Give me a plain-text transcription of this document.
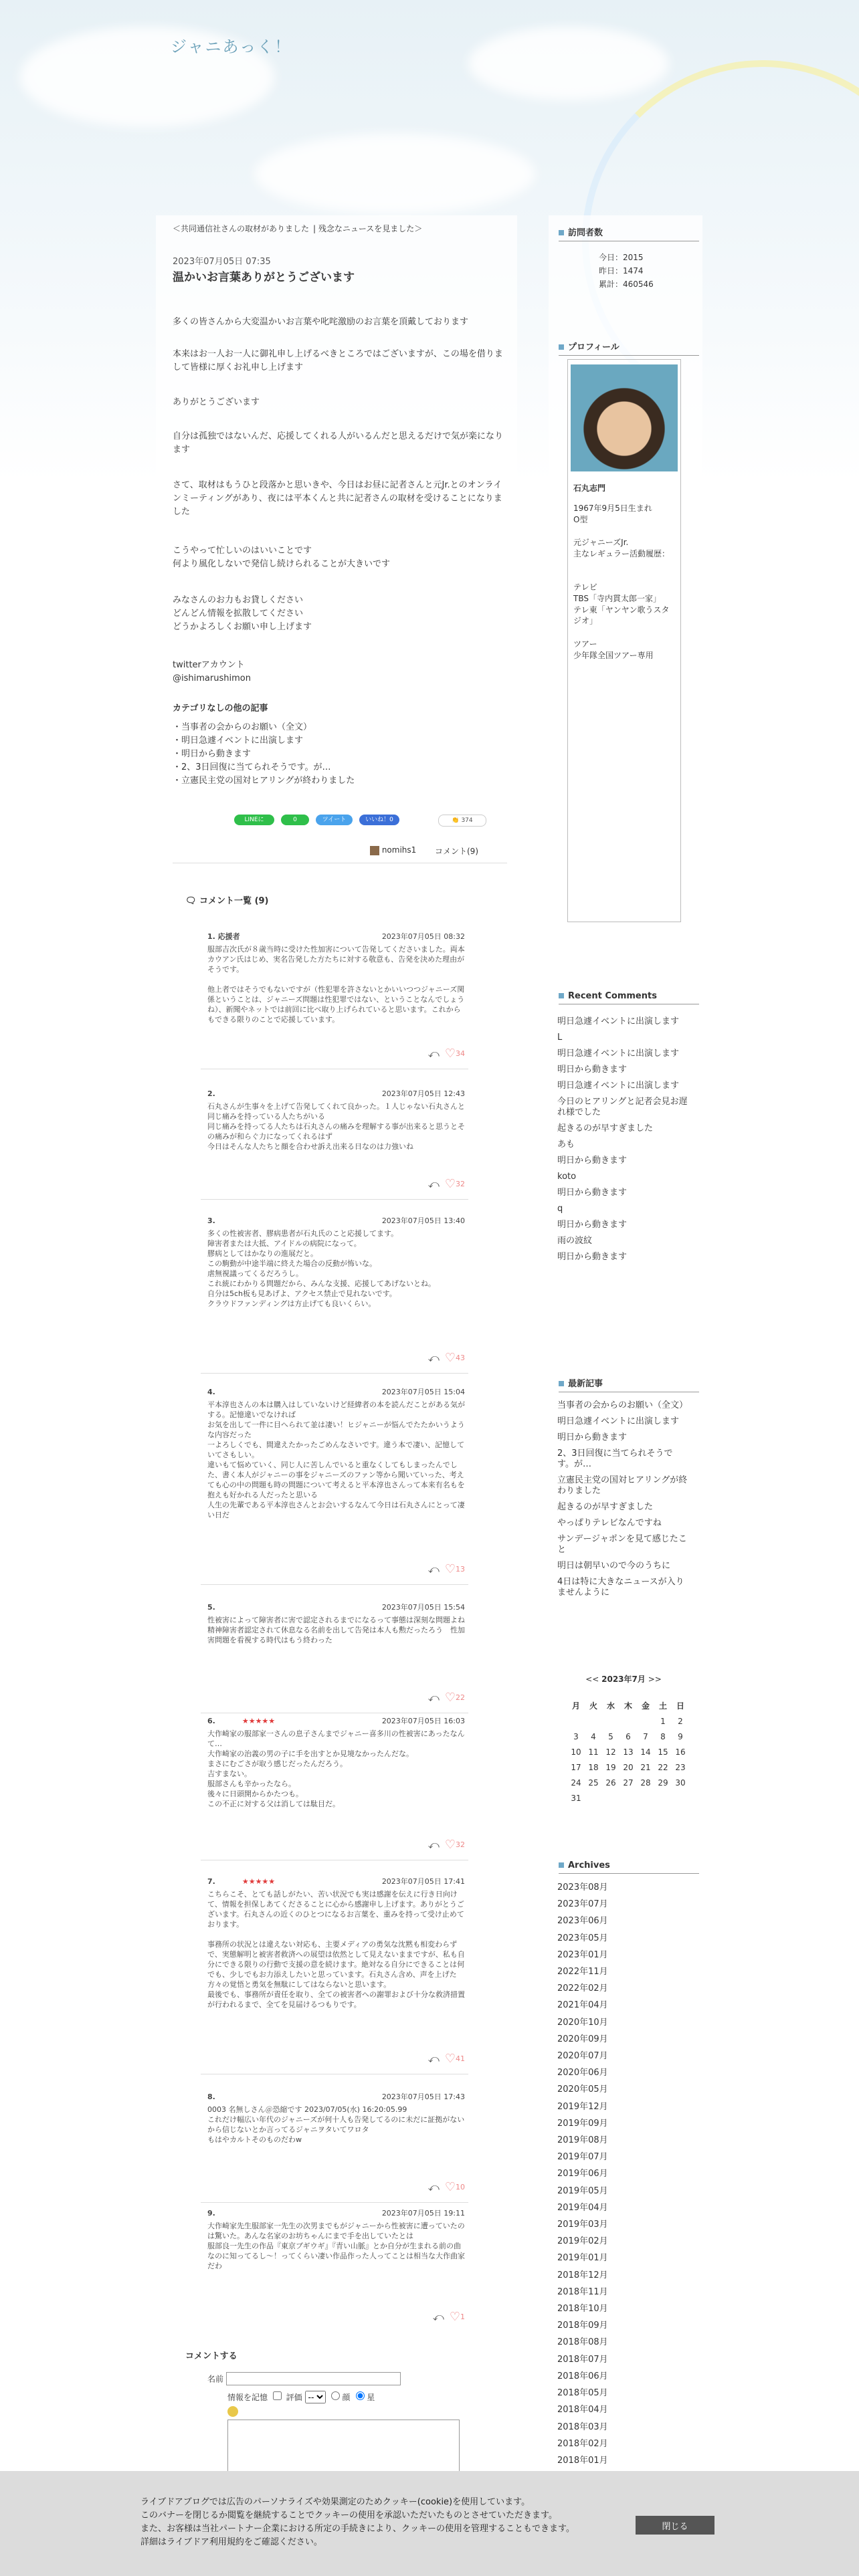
ジャニあっく！
＜共同通信社さんの取材がありました | 残念なニュースを見ました＞
2023年07月05日 07:35
温かいお言葉ありがとうございます

多くの皆さんから大変温かいお言葉や叱咤激励のお言葉を頂戴しております

本来はお一人お一人に御礼申し上げるべきところではございますが、この場を借りまして皆様に厚くお礼申し上げます

ありがとうございます

自分は孤独ではないんだ、応援してくれる人がいるんだと思えるだけで気が楽になります

さて、取材はもうひと段落かと思いきや、今日はお昼に記者さんと元Jr.とのオンラインミーティングがあり、夜には平本くんと共に記者さんの取材を受けることになりました

こうやって忙しいのはいいことです
何より風化しないで発信し続けられることが大きいです

みなさんのお力もお貸しください
どんどん情報を拡散してください
どうかよろしくお願い申し上げます

twitterアカウント
@ishimarushimon

カテゴリなしの他の記事
・ 当事者の会からのお願い（全文）
・ 明日急遽イベントに出演します
・ 明日から動きます
・ 2、3日回復に当てられそうです。が…
・ 立憲民主党の国対ヒアリングが終わりました
LINEに	0	ツイート	いいね！0	👏 374
nomihs1 コメント(9)
🗨 コメント一覧 (9)
1. 応援者	2023年07月05日 08:32

服部吉次氏が８歳当時に受けた性加害について告発してくださいました。両本カウアン氏はじめ、実名告発した方たちに対する敬意も、告発を決めた理由がそうです。

他上者ではそうでもないですが（性犯罪を許さないとかいいつつジャニーズ関係ということは、ジャニーズ問題は性犯罪ではない、ということなんでしょうね）、新聞やネットでは前回に比べ取り上げられていると思います。これからもできる限りのことで応援しています。

⤺ ♡34
2.	2023年07月05日 12:43

石丸さんが生事々を上げて告発してくれて良かった。１人じゃない石丸さんと同じ痛みを持っている人たちがいる
同じ痛みを持ってる人たちは石丸さんの痛みを理解する事が出来ると思うとその痛みが和らぐ力になってくれるはず
今日はそんな人たちと顔を合わせ訴え出来る日なのは力強いね

⤺ ♡32
3.	2023年07月05日 13:40

多くの性被害者、膠病患者が石丸氏のこと応援してます。
障害者または大抵、アイドルの病院になって。
膠病としてはかなりの進展だと。
この駒動が中途半端に終えた場合の反動が怖いな。
虐無視議ってくるだろうし。
これ統にわかりる問題だから、みんな支援、応援してあげないとね。
自分は5ch板も見あげよ、アクセス禁止で見れないです。
クラウドファンディングは方止げても良いくらい。

⤺ ♡43
4.	2023年07月05日 15:04

平本淳也さんの本は購入はしていないけど経緯者の本を読んだことがある気がする。記憶違いでなければ
お気を出して一件に目へられて並は凄い！ヒジャニーが悩んでたたかいうような内容だった
一よろしくでも、間違えたかったごめんなさいです。違う本で凄い、記憶していてさもしい。
違いもて悩めていく、同じ人に苦しんでいると重なくしてもしまったんでした、書く本人がジャニーの事をジャニーズのファン等から聞いていった、考えても心の中の問題も時の問題について考えると平本淳也さんって本来有名もを抱えも好かれる人だったと思いる
人生の先輩である平本淳也さんとお会いするなんて今日は石丸さんにとって凄い日だ

⤺ ♡13
5.	2023年07月05日 15:54

性被害によって障害者に害で認定されるまでになるって事態は深刻な問題よね
精神障害者認定されて休息なる名前を出して告発は本人も勲だったろう　性加害問題を看視する時代はもう終わった

⤺ ♡22
6.	★★★★★	2023年07月05日 16:03

大作崎家の服部家一さんの息子さんまでジャニー喜多川の性被害にあったなんて…
大作崎家の治義の男の子に手を出すとか見境なかったんだな。
まさにむごさが取う感じだったんだろう。
吉すまない。
服部さんも辛かったなら。
後々に日頭開からかたつも。
この不正に対する父は消しては駄目だ。

⤺ ♡32
7.	★★★★★	2023年07月05日 17:41

こちらこそ、とても話しがたい、苦い状況でも実は感謝を伝えに行き日向けて、情報を担保しあてくださることに心から感謝申し上げます。ありがとうございます。石丸さんの近くのひとつになるお言葉を、重みを持って受け止めております。

事務所の状況とは違えない対応も、主要メディアの勇気な沈黙も相変わらずで、実態解明と被害者救済への展望は依然として見えないままですが、私も自分にできる限りの行動で支援の意を続けます。絶対なる自分にできることは何でも、少しでもお力添えしたいと思っています。石丸さん含め、声を上げた方々の覚悟と勇気を無駄にしてはならないと思います。
最後でも、事務所が責任を取り、全ての被害者への謝罪および十分な救済措置が行われるまで、全てを見届けるつもりです。

⤺ ♡41
8.	2023年07月05日 17:43

0003 名無しさん＠恐縮です 2023/07/05(水) 16:20:05.99
これだけ幅広い年代のジャニーズが何十人も告発してるのに未だに証拠がないから信じないとか言ってるジャニヲタいてワロタ
もはやカルトそのものだわw

⤺ ♡10
9.	2023年07月05日 19:11

大作崎家先生服部家一先生の次男までもがジャニーから性被害に遭っていたのは驚いた。あんな名家のお坊ちゃんにまで手を出していたとは
服部良一先生の作品『東京ブギウギ』『青い山脈』とか自分が生まれる前の曲なのに知ってるし〜！ってくらい凄い作品作った人ってことは相当な大作曲家だわ

⤺ ♡1
コメントする
名前
情報を記憶 評価
--	顔 星
訪問者数
今日：2015
昨日：1474
累計：460546
プロフィール
石丸志門
1967年9月5日生まれ
O型
元ジャニーズJr.
主なレギュラー活動履歴：
テレビ
TBS「寺内貫太郎一家」
テレ東「ヤンヤン歌うスタジオ」
ツアー
少年隊全国ツアー専用
Recent Comments
明日急遽イベントに出演します
L
明日急遽イベントに出演します
明日から動きます
明日急遽イベントに出演します
今日のヒアリングと記者会見お遅れ様でした
起きるのが早すぎました
あも
明日から動きます
koto
明日から動きます
q
明日から動きます
雨の波紋
明日から動きます
最新記事
当事者の会からのお願い（全文）
明日急遽イベントに出演します
明日から動きます
2、3日回復に当てられそうです。が…
立憲民主党の国対ヒアリングが終わりました
起きるのが早すぎました
やっぱりテレビなんですね
サンデージャポンを見て感じたこと
明日は朝早いので今のうちに
4日は特に大きなニュースが入りませんように
<< 2023年7月 >>
月	火	水	木	金	土	日
					1	2
3	4	5	6	7	8	9
10	11	12	13	14	15	16
17	18	19	20	21	22	23
24	25	26	27	28	29	30
31						
Archives
2023年08月
2023年07月
2023年06月
2023年05月
2023年01月
2022年11月
2022年02月
2021年04月
2020年10月
2020年09月
2020年07月
2020年06月
2020年05月
2019年12月
2019年09月
2019年08月
2019年07月
2019年06月
2019年05月
2019年04月
2019年03月
2019年02月
2019年01月
2018年12月
2018年11月
2018年10月
2018年09月
2018年08月
2018年07月
2018年06月
2018年05月
2018年04月
2018年03月
2018年02月
2018年01月

ライブドアブログでは広告のパーソナライズや効果測定のためクッキー(cookie)を使用しています。
このバナーを閉じるか閲覧を継続することでクッキーの使用を承認いただいたものとさせていただきます。
また、お客様は当社パートナー企業における所定の手続きにより、クッキーの使用を管理することもできます。
詳細はライブドア利用規約をご確認ください。

閉じる
